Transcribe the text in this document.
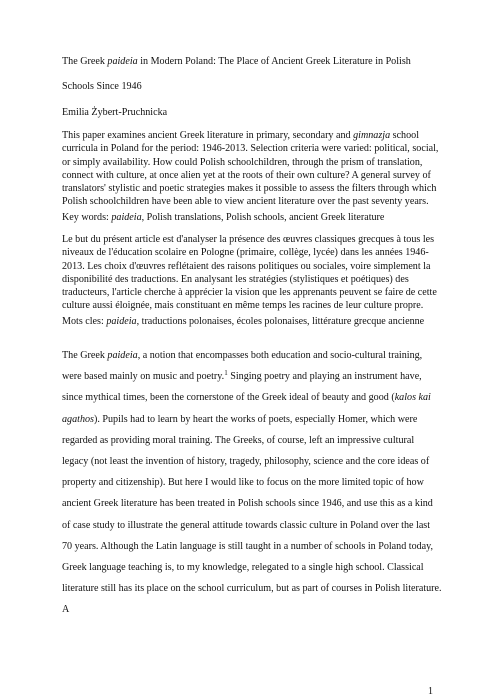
The Greek paideia in Modern Poland: The Place of Ancient Greek Literature in Polish

Schools Since 1946

Emilia Żybert-Pruchnicka

This paper examines ancient Greek literature in primary, secondary and gimnazja school curricula in Poland for the period: 1946-2013. Selection criteria were varied: political, social, or simply availability. How could Polish schoolchildren, through the prism of translation, connect with culture, at once alien yet at the roots of their own culture? A general survey of translators' stylistic and poetic strategies makes it possible to assess the filters through which Polish schoolchildren have been able to view ancient literature over the past seventy years.

Key words: paideia, Polish translations, Polish schools, ancient Greek literature

Le but du présent article est d'analyser la présence des œuvres classiques grecques à tous les niveaux de l'éducation scolaire en Pologne (primaire, collège, lycée) dans les années 1946-2013. Les choix d'œuvres reflétaient des raisons politiques ou sociales, voire simplement la disponibilité des traductions. En analysant les stratégies (stylistiques et poétiques) des traducteurs, l'article cherche à apprécier la vision que les apprenants peuvent se faire de cette culture aussi éloignée, mais constituant en même temps les racines de leur culture propre.

Mots cles: paideia, traductions polonaises, écoles polonaises, littérature grecque ancienne

The Greek paideia, a notion that encompasses both education and socio-cultural training, were based mainly on music and poetry.$^1$ Singing poetry and playing an instrument have, since mythical times, been the cornerstone of the Greek ideal of beauty and good (kalos kai agathos). Pupils had to learn by heart the works of poets, especially Homer, which were regarded as providing moral training. The Greeks, of course, left an impressive cultural legacy (not least the invention of history, tragedy, philosophy, science and the core ideas of property and citizenship). But here I would like to focus on the more limited topic of how ancient Greek literature has been treated in Polish schools since 1946, and use this as a kind of case study to illustrate the general attitude towards classic culture in Poland over the last 70 years. Although the Latin language is still taught in a number of schools in Poland today, Greek language teaching is, to my knowledge, relegated to a single high school. Classical literature still has its place on the school curriculum, but as part of courses in Polish literature. A

1
